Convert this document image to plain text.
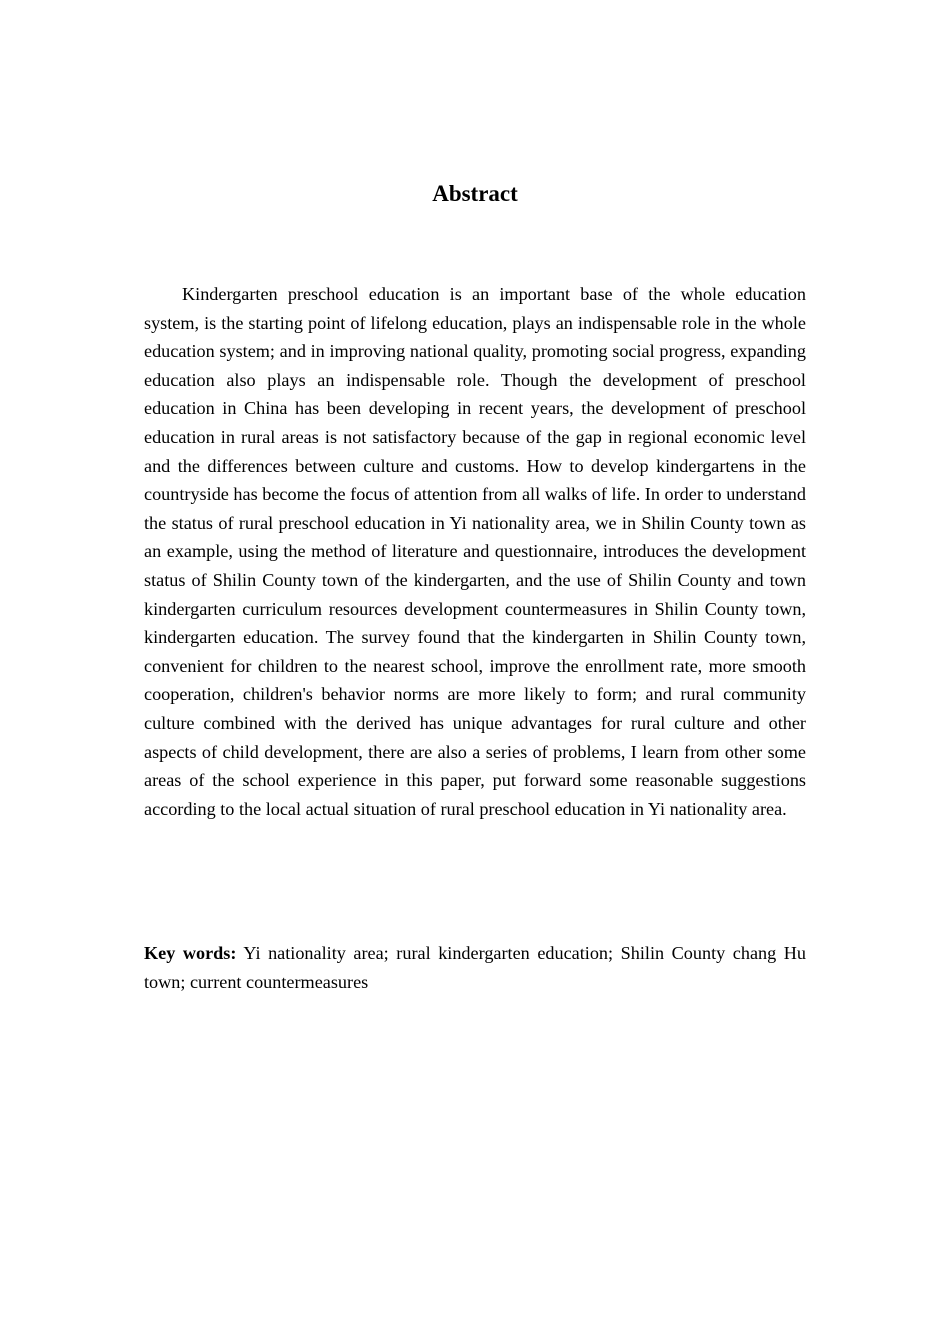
Abstract

Kindergarten preschool education is an important base of the whole education system, is the starting point of lifelong education, plays an indispensable role in the whole education system; and in improving national quality, promoting social progress, expanding education also plays an indispensable role. Though the development of preschool education in China has been developing in recent years, the development of preschool education in rural areas is not satisfactory because of the gap in regional economic level and the differences between culture and customs. How to develop kindergartens in the countryside has become the focus of attention from all walks of life. In order to understand the status of rural preschool education in Yi nationality area, we in Shilin County town as an example, using the method of literature and questionnaire, introduces the development status of Shilin County town of the kindergarten, and the use of Shilin County and town kindergarten curriculum resources development countermeasures in Shilin County town, kindergarten education. The survey found that the kindergarten in Shilin County town, convenient for children to the nearest school, improve the enrollment rate, more smooth cooperation, children's behavior norms are more likely to form; and rural community culture combined with the derived has unique advantages for rural culture and other aspects of child development, there are also a series of problems, I learn from other some areas of the school experience in this paper, put forward some reasonable suggestions according to the local actual situation of rural preschool education in Yi nationality area.

Key words: Yi nationality area; rural kindergarten education; Shilin County chang Hu town; current countermeasures
